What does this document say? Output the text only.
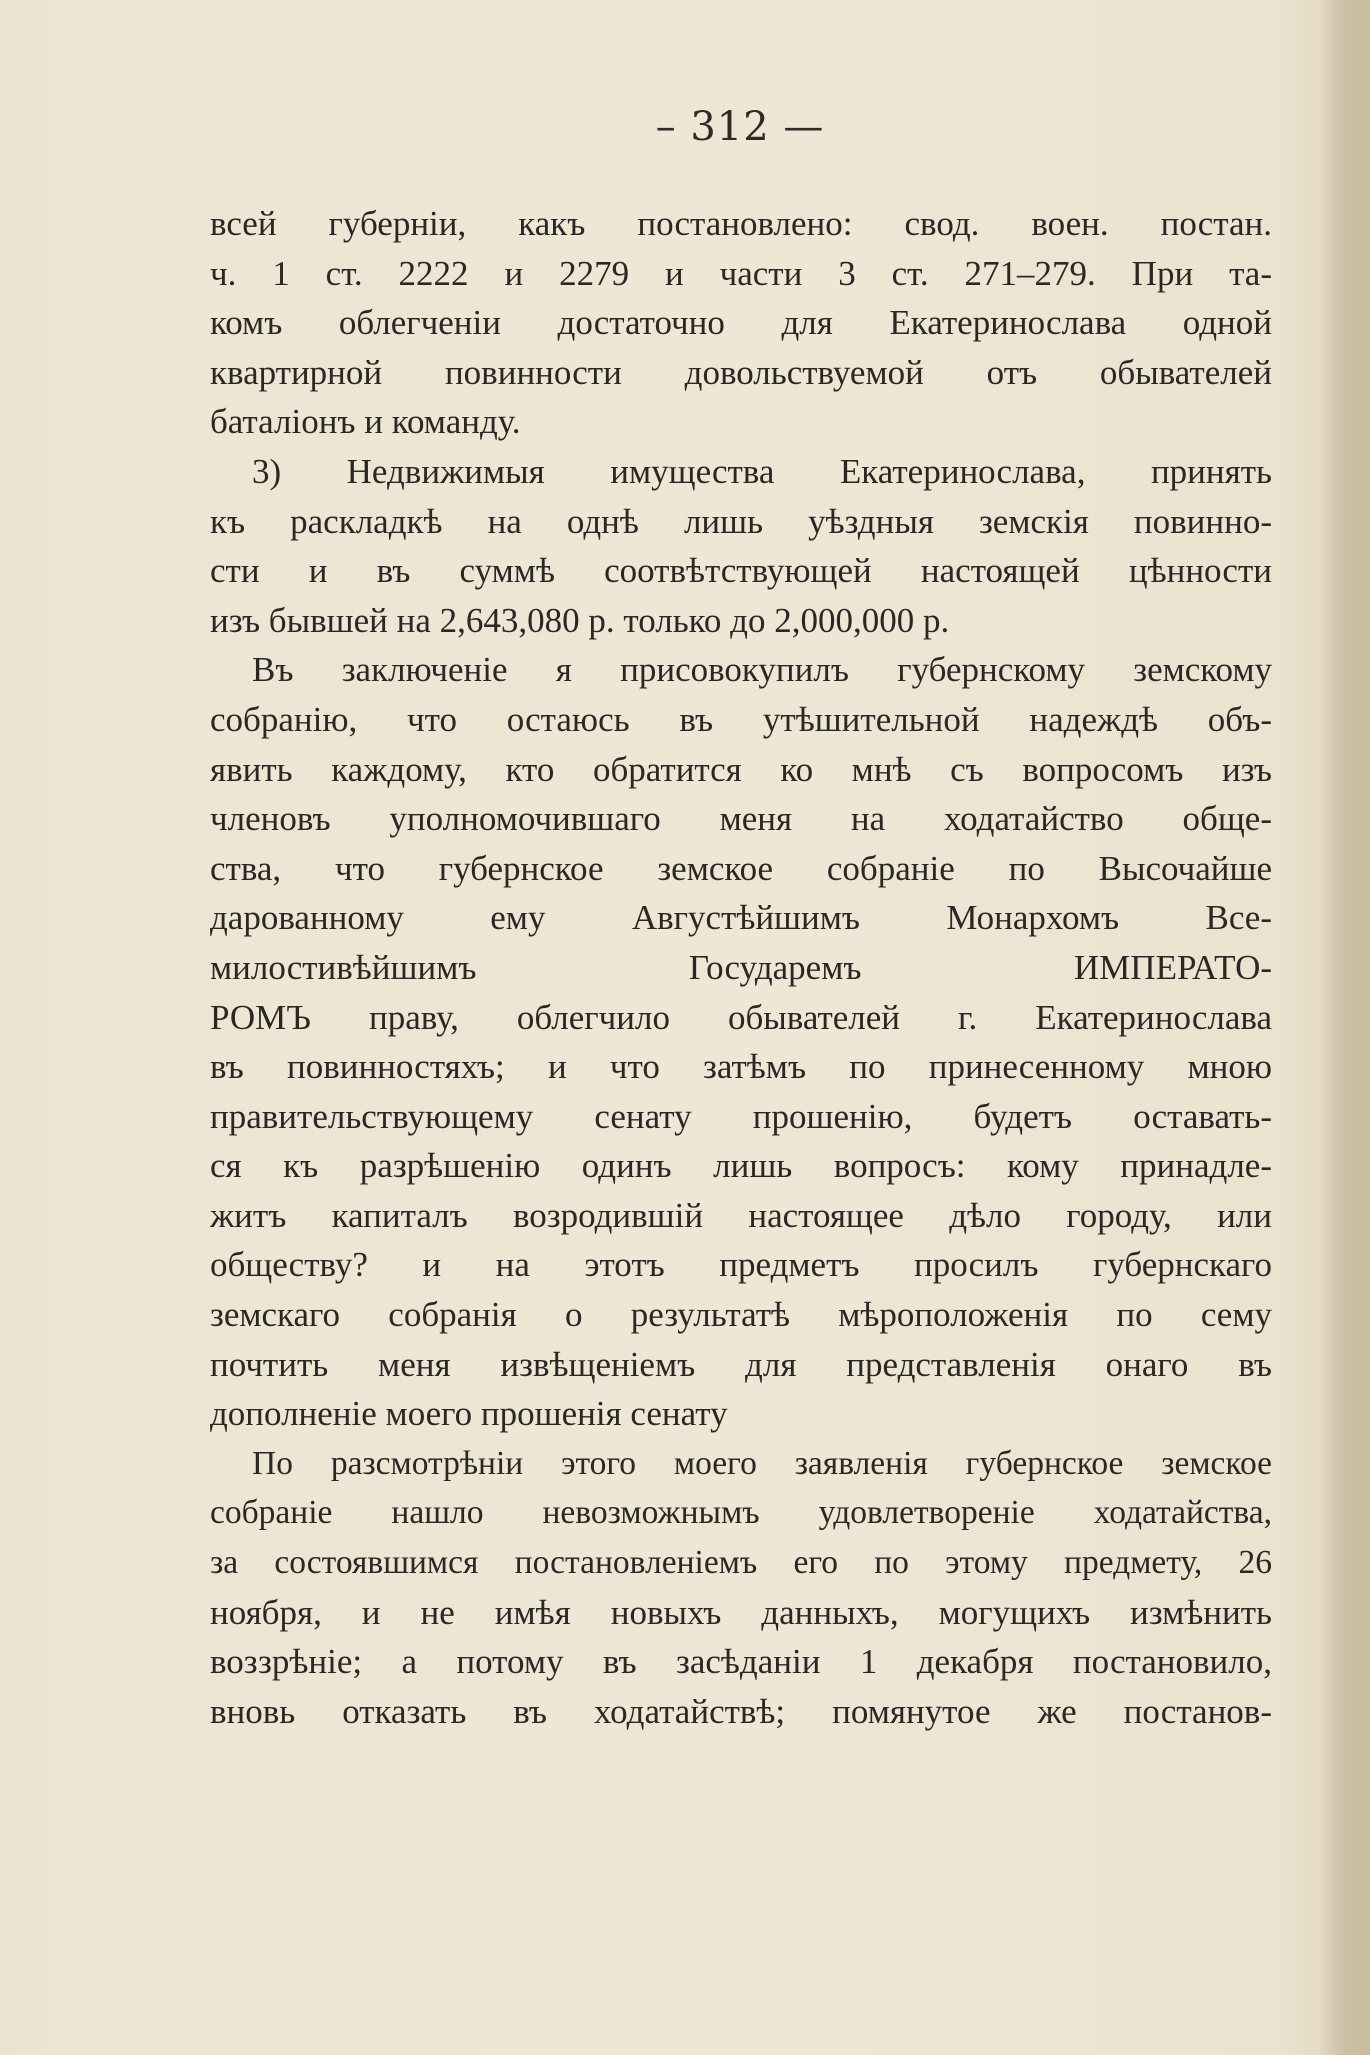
– 312 —
всей губерніи, какъ постановлено: свод. воен. постан.
ч. 1 ст. 2222 и 2279 и части 3 ст. 271–279. При та-
комъ облегченіи достаточно для Екатеринослава одной
квартирной повинности довольствуемой отъ обывателей
баталіонъ и команду.
3) Недвижимыя имущества Екатеринослава, принять
къ раскладкѣ на однѣ лишь уѣздныя земскія повинно-
сти и въ суммѣ соотвѣтствующей настоящей цѣнности
изъ бывшей на 2,643,080 р. только до 2,000,000 р.
Въ заключеніе я присовокупилъ губернскому земскому
собранію, что остаюсь въ утѣшительной надеждѣ объ-
явить каждому, кто обратится ко мнѣ съ вопросомъ изъ
членовъ уполномочившаго меня на ходатайство обще-
ства, что губернское земское собраніе по Высочайше
дарованному ему Августѣйшимъ Монархомъ Все-
милостивѣйшимъ Государемъ ИМПЕРАТО-
РОМЪ праву, облегчило обывателей г. Екатеринослава
въ повинностяхъ; и что затѣмъ по принесенному мною
правительствующему сенату прошенію, будетъ оставать-
ся къ разрѣшенію одинъ лишь вопросъ: кому принадле-
житъ капиталъ возродившій настоящее дѣло городу, или
обществу? и на этотъ предметъ просилъ губернскаго
земскаго собранія о результатѣ мѣроположенія по сему
почтить меня извѣщеніемъ для представленія онаго въ
дополненіе моего прошенія сенату
По разсмотрѣніи этого моего заявленія губернское земское
собраніе нашло невозможнымъ удовлетвореніе ходатайства,
за состоявшимся постановленіемъ его по этому предмету, 26
ноября, и не имѣя новыхъ данныхъ, могущихъ измѣнить
воззрѣніе; а потому въ засѣданіи 1 декабря постановило,
вновь отказать въ ходатайствѣ; помянутое же постанов-
